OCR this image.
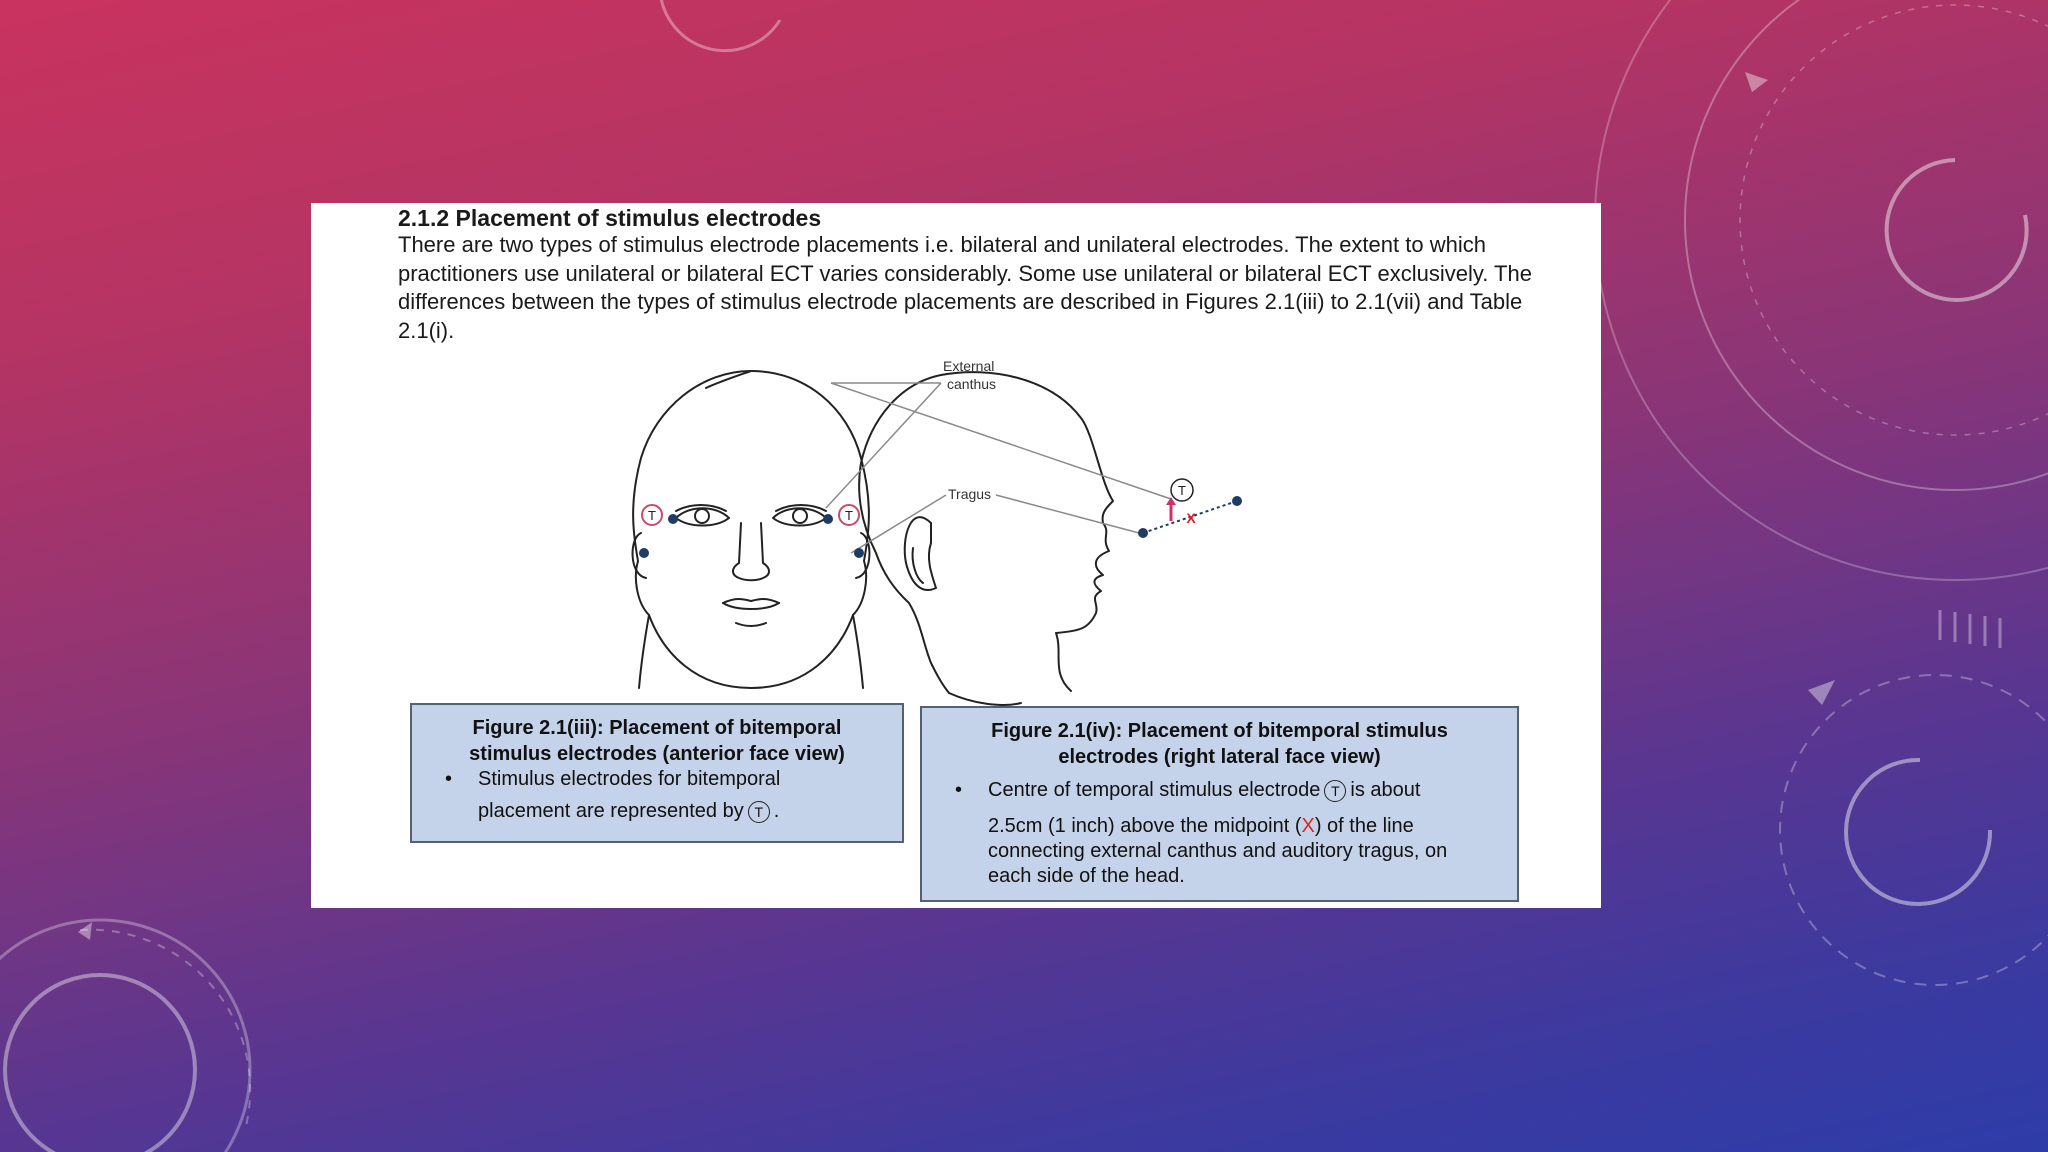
2.1.2 Placement of stimulus electrodes

There are two types of stimulus electrode placements i.e. bilateral and unilateral electrodes. The extent to which practitioners use unilateral or bilateral ECT varies considerably. Some use unilateral or bilateral ECT exclusively. The differences between the types of stimulus electrode placements are described in Figures 2.1(iii) to 2.1(vii) and Table 2.1(i).

External
canthus
Tragus
T	T
T
X

Figure 2.1(iii): Placement of bitemporal

stimulus electrodes (anterior face view)

• Stimulus electrodes for bitemporal

placement are represented by T .

Figure 2.1(iv): Placement of bitemporal stimulus

electrodes (right lateral face view)

• Centre of temporal stimulus electrode T is about

2.5cm (1 inch) above the midpoint (X) of the line

connecting external canthus and auditory tragus, on

each side of the head.
